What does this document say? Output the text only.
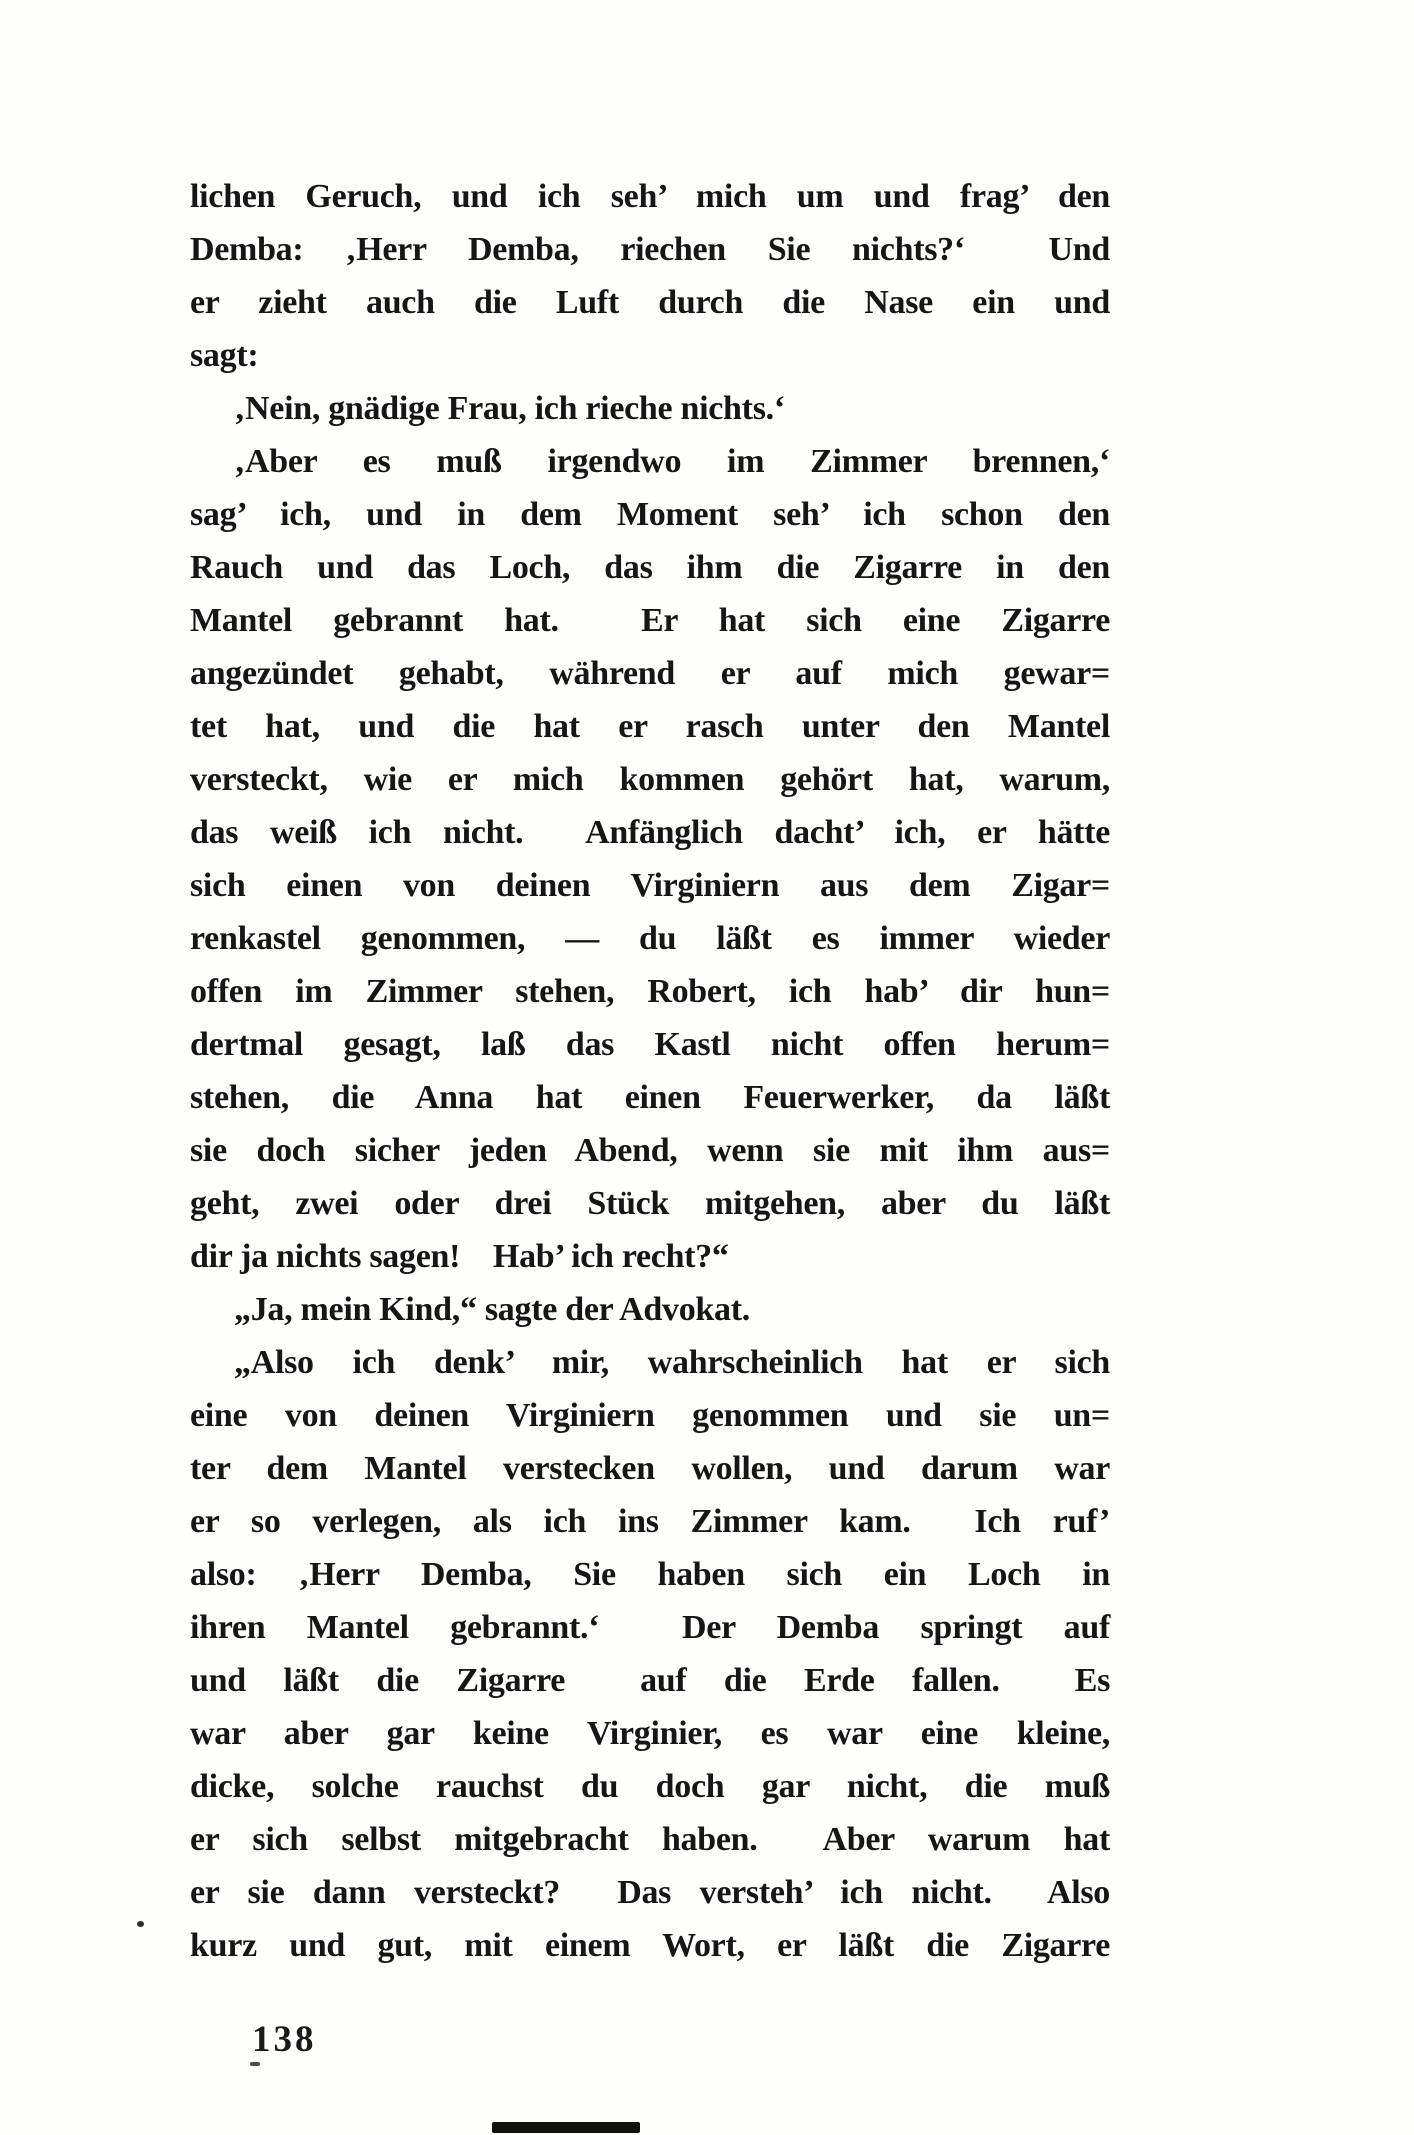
lichen Geruch, und ich seh’ mich um und frag’ den
Demba: ‚Herr Demba, riechen Sie nichts?‘  Und
er zieht auch die Luft durch die Nase ein und
sagt:
‚Nein, gnädige Frau, ich rieche nichts.‘
‚Aber es muß irgendwo im Zimmer brennen,‘
sag’ ich, und in dem Moment seh’ ich schon den
Rauch und das Loch, das ihm die Zigarre in den
Mantel gebrannt hat.  Er hat sich eine Zigarre
angezündet gehabt, während er auf mich gewar=
tet hat, und die hat er rasch unter den Mantel
versteckt, wie er mich kommen gehört hat, warum,
das weiß ich nicht.  Anfänglich dacht’ ich, er hätte
sich einen von deinen Virginiern aus dem Zigar=
renkastel genommen, — du läßt es immer wieder
offen im Zimmer stehen, Robert, ich hab’ dir hun=
dertmal gesagt, laß das Kastl nicht offen herum=
stehen, die Anna hat einen Feuerwerker, da läßt
sie doch sicher jeden Abend, wenn sie mit ihm aus=
geht, zwei oder drei Stück mitgehen, aber du läßt
dir ja nichts sagen!    Hab’ ich recht?“
„Ja, mein Kind,“ sagte der Advokat.
„Also ich denk’ mir, wahrscheinlich hat er sich
eine von deinen Virginiern genommen und sie un=
ter dem Mantel verstecken wollen, und darum war
er so verlegen, als ich ins Zimmer kam.  Ich ruf’
also: ‚Herr Demba, Sie haben sich ein Loch in
ihren Mantel gebrannt.‘  Der Demba springt auf
und läßt die Zigarre  auf die Erde fallen.  Es
war aber gar keine Virginier, es war eine kleine,
dicke, solche rauchst du doch gar nicht, die muß
er sich selbst mitgebracht haben.  Aber warum hat
er sie dann versteckt?  Das versteh’ ich nicht.  Also
kurz und gut, mit einem Wort, er läßt die Zigarre
138
